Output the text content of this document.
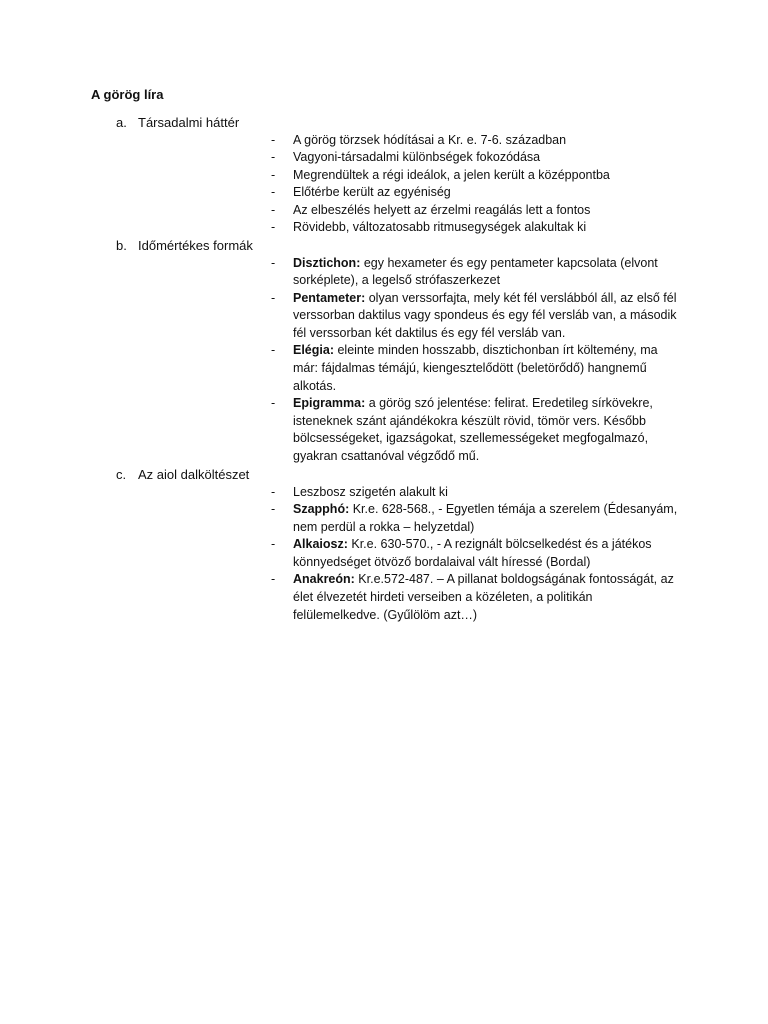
A görög líra
a. Társadalmi háttér
- A görög törzsek hódításai a Kr. e. 7-6. században
- Vagyoni-társadalmi különbségek fokozódása
- Megrendültek a régi ideálok, a jelen került a középpontba
- Előtérbe került az egyéniség
- Az elbeszélés helyett az érzelmi reagálás lett a fontos
- Rövidebb, változatosabb ritmusegységek alakultak ki
b. Időmértékes formák
- Disztichon: egy hexameter és egy pentameter kapcsolata (elvont sorképlete), a legelső strófaszerkezet
- Pentameter: olyan verssorfajta, mely két fél verslábból áll, az első fél verssorban daktilus vagy spondeus és egy fél versláb van, a második fél verssorban két daktilus és egy fél versláb van.
- Elégia: eleinte minden hosszabb, disztichonban írt költemény, ma már: fájdalmas témájú, kiengesztelődött (beletörődő) hangnemű alkotás.
- Epigramma: a görög szó jelentése: felirat. Eredetileg sírkövekre, isteneknek szánt ajándékokra készült rövid, tömör vers. Később bölcsességeket, igazságokat, szellemességeket megfogalmazó, gyakran csattanóval végződő mű.
c. Az aiol dalköltészet
- Leszbosz szigetén alakult ki
- Szapphó: Kr.e. 628-568., - Egyetlen témája a szerelem (Édesanyám, nem perdül a rokka – helyzetdal)
- Alkaiosz: Kr.e. 630-570., - A rezignált bölcselkedést és a játékos könnyedséget ötvöző bordalaival vált híressé (Bordal)
- Anakreón: Kr.e.572-487. – A pillanat boldogságának fontosságát, az élet élvezetét hirdeti verseiben a közéleten, a politikán felülemelkedve. (Gyűlölöm azt…)
